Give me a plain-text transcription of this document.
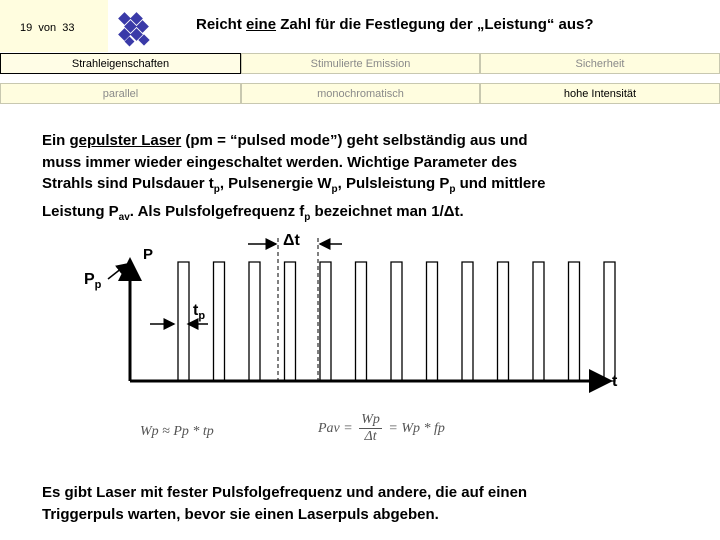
19 von 33	Reicht eine Zahl für die Festlegung der „Leistung“ aus?
Strahleigenschaften	Stimulierte Emission	Sicherheit
parallel	monochromatisch	hohe Intensität
Ein gepulster Laser (pm = “pulsed mode”) geht selbständig aus und
muss immer wieder eingeschaltet werden. Wichtige Parameter des
Strahls sind Pulsdauer $t_p$, Pulsenergie $W_p$, Pulsleistung $P_p$ und mittlere
Leistung $P_{av}$. Als Pulsfolgefrequenz $f_p$ bezeichnet man 1/Δt.
P
$P_p$
Δt
$t_p$
t
Wp ≈ Pp * tp	Pav = $\frac{Wp}{\Delta t} = Wp$ * fp
Es gibt Laser mit fester Pulsfolgefrequenz und andere, die auf einen
Triggerpuls warten, bevor sie einen Laserpuls abgeben.
